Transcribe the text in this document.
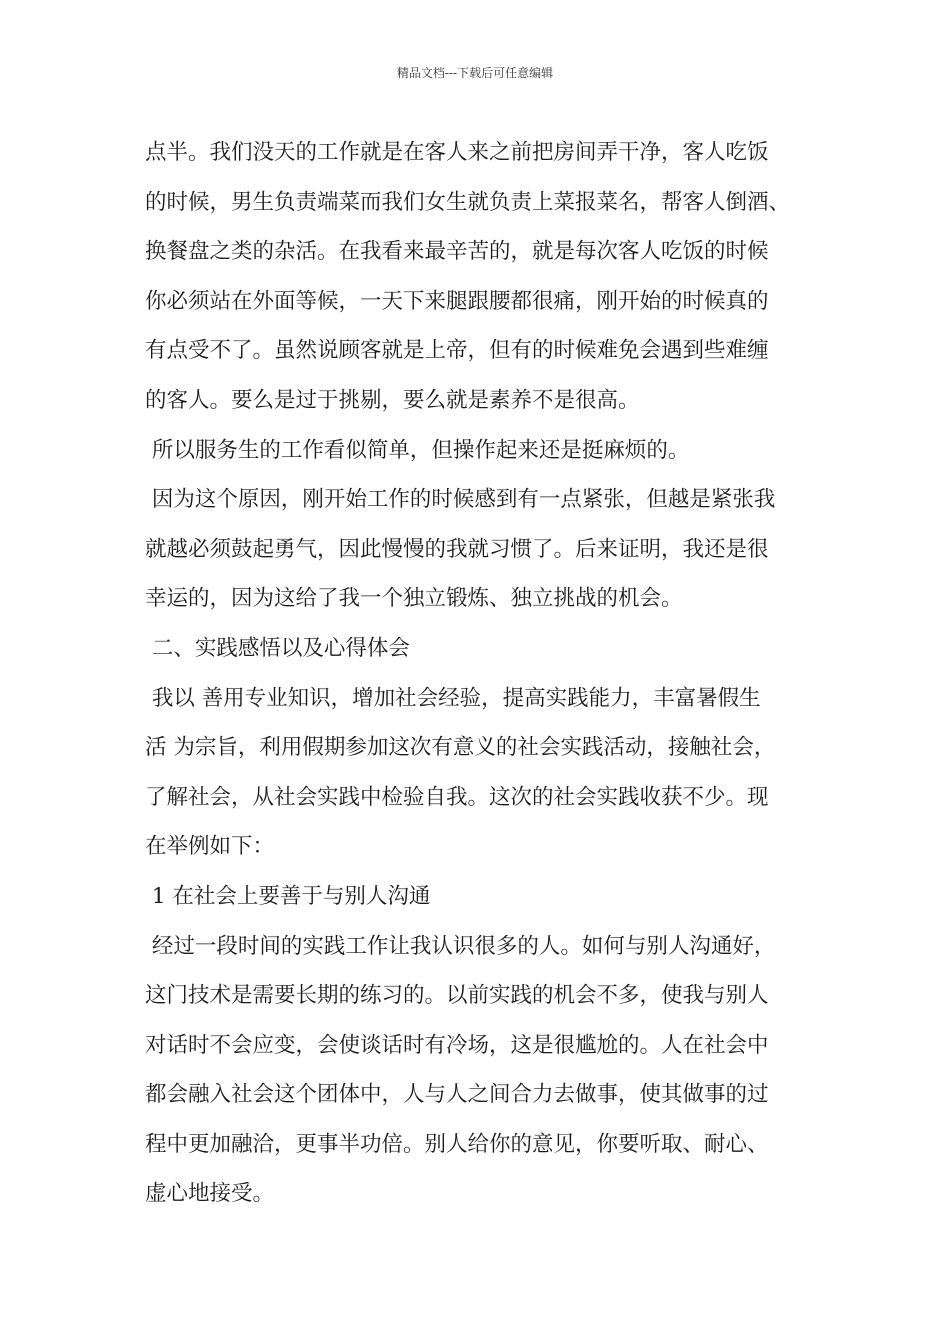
精品文档---下载后可任意编辑
点半。我们没天的工作就是在客人来之前把房间弄干净，客人吃饭
的时候，男生负责端菜而我们女生就负责上菜报菜名，帮客人倒酒、
换餐盘之类的杂活。在我看来最辛苦的，就是每次客人吃饭的时候
你必须站在外面等候，一天下来腿跟腰都很痛，刚开始的时候真的
有点受不了。虽然说顾客就是上帝，但有的时候难免会遇到些难缠
的客人。要么是过于挑剔，要么就是素养不是很高。
所以服务生的工作看似简单，但操作起来还是挺麻烦的。
因为这个原因，刚开始工作的时候感到有一点紧张，但越是紧张我
就越必须鼓起勇气，因此慢慢的我就习惯了。后来证明，我还是很
幸运的，因为这给了我一个独立锻炼、独立挑战的机会。
二、实践感悟以及心得体会
我以 善用专业知识，增加社会经验，提高实践能力，丰富暑假生
活 为宗旨，利用假期参加这次有意义的社会实践活动，接触社会，
了解社会，从社会实践中检验自我。这次的社会实践收获不少。现
在举例如下：
1 在社会上要善于与别人沟通
经过一段时间的实践工作让我认识很多的人。如何与别人沟通好，
这门技术是需要长期的练习的。以前实践的机会不多，使我与别人
对话时不会应变，会使谈话时有冷场，这是很尴尬的。人在社会中
都会融入社会这个团体中，人与人之间合力去做事，使其做事的过
程中更加融洽，更事半功倍。别人给你的意见，你要听取、耐心、
虚心地接受。
